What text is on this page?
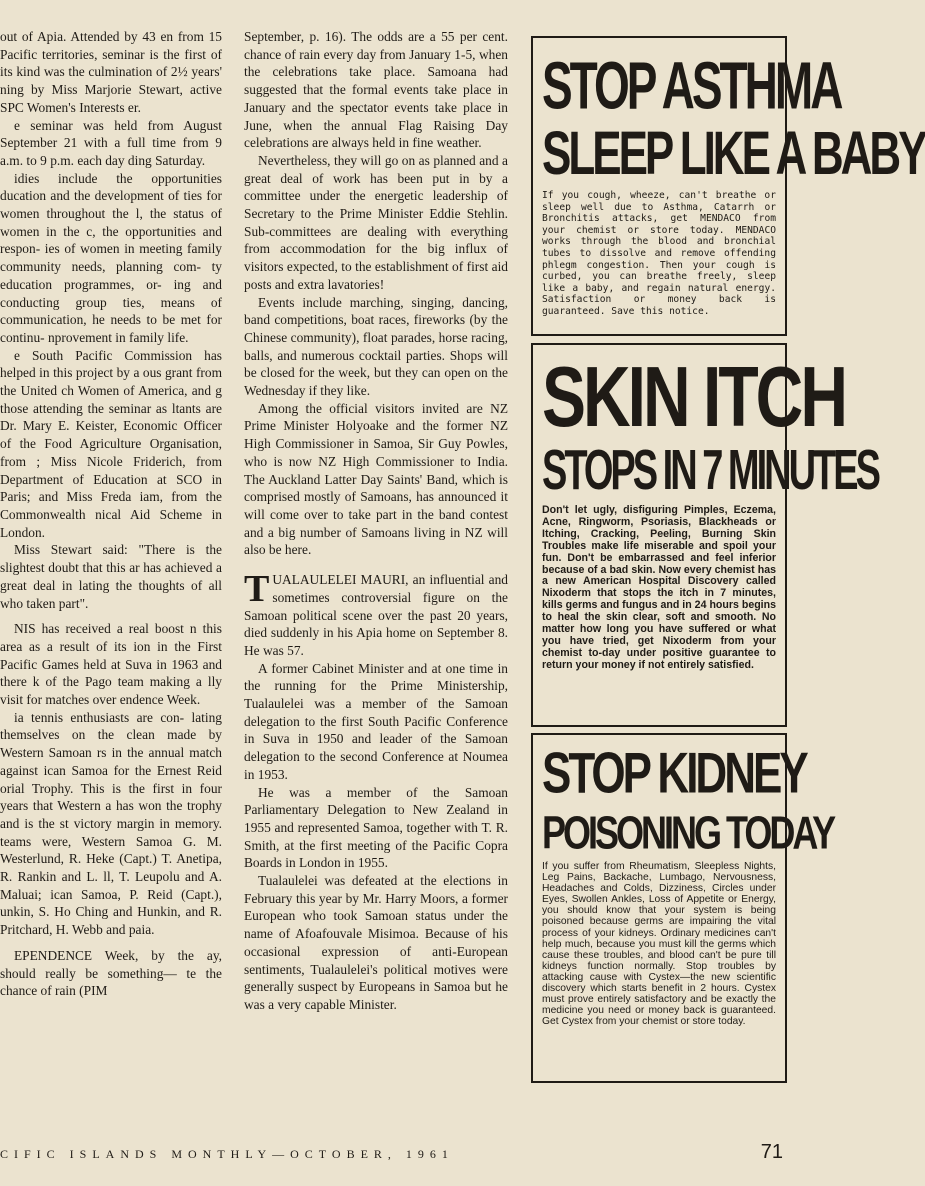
out of Apia. Attended by 43 en from 15 Pacific territories, seminar is the first of its kind was the culmination of 2½ years' ning by Miss Marjorie Stewart, active SPC Women's Interests er.

e seminar was held from August September 21 with a full time from 9 a.m. to 9 p.m. each day ding Saturday.

idies include the opportunities ducation and the development of ties for women throughout the l, the status of women in the c, the opportunities and respon- ies of women in meeting family community needs, planning com- ty education programmes, or- ing and conducting group ties, means of communication, he needs to be met for continu- nprovement in family life.

e South Pacific Commission has helped in this project by a ous grant from the United ch Women of America, and g those attending the seminar as ltants are Dr. Mary E. Keister, Economic Officer of the Food Agriculture Organisation, from ; Miss Nicole Friderich, from Department of Education at SCO in Paris; and Miss Freda iam, from the Commonwealth nical Aid Scheme in London.

Miss Stewart said: "There is the slightest doubt that this ar has achieved a great deal in lating the thoughts of all who taken part".

NIS has received a real boost n this area as a result of its ion in the First Pacific Games held at Suva in 1963 and there k of the Pago team making a lly visit for matches over endence Week.

ia tennis enthusiasts are con- lating themselves on the clean made by Western Samoan rs in the annual match against ican Samoa for the Ernest Reid orial Trophy. This is the first in four years that Western a has won the trophy and is the st victory margin in memory. teams were, Western Samoa G. M. Westerlund, R. Heke (Capt.) T. Anetipa, R. Rankin and L. ll, T. Leupolu and A. Maluai; ican Samoa, P. Reid (Capt.), unkin, S. Ho Ching and Hunkin, and R. Pritchard, H. Webb and paia.

EPENDENCE Week, by the ay, should really be something— te the chance of rain (PIM

September, p. 16). The odds are a 55 per cent. chance of rain every day from January 1-5, when the celebrations take place. Samoana had suggested that the formal events take place in January and the spectator events take place in June, when the annual Flag Raising Day celebrations are always held in fine weather.

Nevertheless, they will go on as planned and a great deal of work has been put in by a committee under the energetic leadership of Secretary to the Prime Minister Eddie Stehlin. Sub-committees are dealing with everything from accommodation for the big influx of visitors expected, to the establishment of first aid posts and extra lavatories!

Events include marching, singing, dancing, band competitions, boat races, fireworks (by the Chinese community), float parades, horse racing, balls, and numerous cocktail parties. Shops will be closed for the week, but they can open on the Wednesday if they like.

Among the official visitors invited are NZ Prime Minister Holyoake and the former NZ High Commissioner in Samoa, Sir Guy Powles, who is now NZ High Commissioner to India. The Auckland Latter Day Saints' Band, which is comprised mostly of Samoans, has announced it will come over to take part in the band contest and a big number of Samoans living in NZ will also be here.

TUALAULELEI MAURI, an influential and sometimes controversial figure on the Samoan political scene over the past 20 years, died suddenly in his Apia home on September 8. He was 57.

A former Cabinet Minister and at one time in the running for the Prime Ministership, Tualaulelei was a member of the Samoan delegation to the first South Pacific Conference in Suva in 1950 and leader of the Samoan delegation to the second Conference at Noumea in 1953.

He was a member of the Samoan Parliamentary Delegation to New Zealand in 1955 and represented Samoa, together with T. R. Smith, at the first meeting of the Pacific Copra Boards in London in 1955.

Tualaulelei was defeated at the elections in February this year by Mr. Harry Moors, a former European who took Samoan status under the name of Afoafouvale Misimoa. Because of his occasional expression of anti-European sentiments, Tualaulelei's political motives were generally suspect by Europeans in Samoa but he was a very capable Minister.

STOP ASTHMA
SLEEP LIKE A BABY
If you cough, wheeze, can't breathe or sleep well due to Asthma, Catarrh or Bronchitis attacks, get MENDACO from your chemist or store today. MENDACO works through the blood and bronchial tubes to dissolve and remove offending phlegm congestion. Then your cough is curbed, you can breathe freely, sleep like a baby, and regain natural energy. Satisfaction or money back is guaranteed. Save this notice.
SKIN ITCH
STOPS IN 7 MINUTES
Don't let ugly, disfiguring Pimples, Eczema, Acne, Ringworm, Psoriasis, Blackheads or Itching, Cracking, Peeling, Burning Skin Troubles make life miserable and spoil your fun. Don't be embarrassed and feel inferior because of a bad skin. Now every chemist has a new American Hospital Discovery called Nixoderm that stops the itch in 7 minutes, kills germs and fungus and in 24 hours begins to heal the skin clear, soft and smooth. No matter how long you have suffered or what you have tried, get Nixoderm from your chemist to-day under positive guarantee to return your money if not entirely satisfied.
STOP KIDNEY
POISONING TODAY
If you suffer from Rheumatism, Sleepless Nights, Leg Pains, Backache, Lumbago, Nervousness, Headaches and Colds, Dizziness, Circles under Eyes, Swollen Ankles, Loss of Appetite or Energy, you should know that your system is being poisoned because germs are impairing the vital process of your kidneys. Ordinary medicines can't help much, because you must kill the germs which cause these troubles, and blood can't be pure till kidneys function normally. Stop troubles by attacking cause with Cystex—the new scientific discovery which starts benefit in 2 hours. Cystex must prove entirely satisfactory and be exactly the medicine you need or money back is guaranteed. Get Cystex from your chemist or store today.
CIFIC ISLANDS MONTHLY—OCTOBER, 1961	71
